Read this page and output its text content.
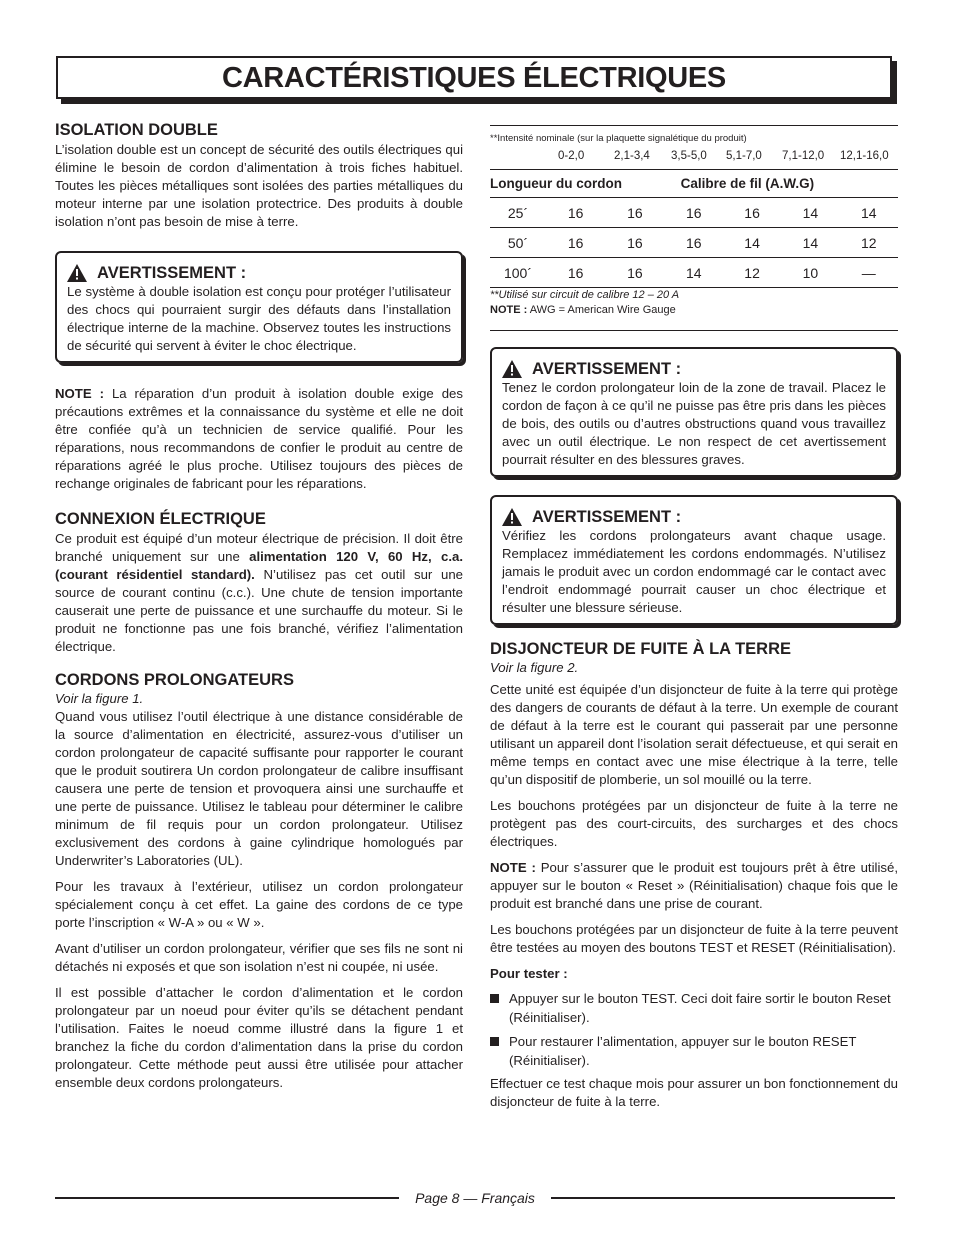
CARACTÉRISTIQUES ÉLECTRIQUES
ISOLATION DOUBLE

L’isolation double est un concept de sécurité des outils électriques qui élimine le besoin de cordon d’alimentation à trois fiches habituel. Toutes les pièces métalliques sont isolées des parties métalliques du moteur interne par une isolation protectrice. Des produits à double isolation n’ont pas besoin de mise à terre.

AVERTISSEMENT :

Le système à double isolation est conçu pour protéger l’utilisateur des chocs qui pourraient surgir des défauts dans l’installation électrique interne de la machine. Observez toutes les instructions de sécurité qui servent à éviter le choc électrique.

NOTE : La réparation d’un produit à isolation double exige des précautions extrêmes et la connaissance du système et elle ne doit être confiée qu’à un technicien de service qualifié. Pour les réparations, nous recommandons de confier le produit au centre de réparations agréé le plus proche. Utilisez toujours des pièces de rechange originales de fabricant pour les réparations.

CONNEXION ÉLECTRIQUE

Ce produit est équipé d’un moteur électrique de précision. Il doit être branché uniquement sur une alimentation 120 V, 60 Hz, c.a. (courant résidentiel standard). N’utilisez pas cet outil sur une source de courant continu (c.c.). Une chute de tension importante causerait une perte de puissance et une surchauffe du moteur. Si le produit ne fonctionne pas une fois branché, vérifiez l’alimentation électrique.

CORDONS PROLONGATEURS
Voir la figure 1.

Quand vous utilisez l’outil électrique à une distance considérable de la source d’alimentation en électricité, assurez-vous d’utiliser un cordon prolongateur de capacité suffisante pour rapporter le courant que le produit soutirera Un cordon prolongateur de calibre insuffisant causera une perte de tension et provoquera ainsi une surchauffe et une perte de puissance. Utilisez le tableau pour déterminer le calibre minimum de fil requis pour un cordon prolongateur. Utilisez exclusivement des cordons à gaine cylindrique homologués par Underwriter’s Laboratories (UL).

Pour les travaux à l’extérieur, utilisez un cordon prolongateur spécialement conçu à cet effet. La gaine des cordons de ce type porte l’inscription « W-A » ou « W ».

Avant d’utiliser un cordon prolongateur, vérifier que ses fils ne sont ni détachés ni exposés et que son isolation n’est ni coupée, ni usée.

Il est possible d’attacher le cordon d’alimentation et le cordon prolongateur par un noeud pour éviter qu’ils se détachent pendant l’utilisation. Faites le noeud comme illustré dans la figure 1 et branchez la fiche du cordon d’alimentation dans la prise du cordon prolongateur. Cette méthode peut aussi être utilisée pour attacher ensemble deux cordons prolongateurs.

**Intensité nominale (sur la plaquette signalétique du produit)
0-2,0	2,1-3,4	3,5-5,0	5,1-7,0	7,1-12,0	12,1-16,0
Longueur du cordon			Calibre de fil (A.W.G)			
25´	16	16	16	16	14	14
50´	16	16	16	14	14	12
100´	16	16	14	12	10	—
**Utilisé sur circuit de calibre 12 – 20 A
NOTE : AWG = American Wire Gauge
AVERTISSEMENT :

Tenez le cordon prolongateur loin de la zone de travail. Placez le cordon de façon à ce qu’il ne puisse pas être pris dans les pièces de bois, des outils ou d’autres obstructions quand vous travaillez avec un outil électrique. Le non respect de cet avertissement pourrait résulter en des blessures graves.

AVERTISSEMENT :

Vérifiez les cordons prolongateurs avant chaque usage. Remplacez immédiatement les cordons endommagés. N’utilisez jamais le produit avec un cordon endommagé car le contact avec l’endroit endommagé pourrait causer un choc électrique et résulter une blessure sérieuse.

DISJONCTEUR DE FUITE À LA TERRE
Voir la figure 2.

Cette unité est équipée d’un disjoncteur de fuite à la terre qui protège des dangers de courants de défaut à la terre. Un exemple de courant de défaut à la terre est le courant qui passerait par une personne utilisant un appareil dont l’isolation serait défectueuse, et qui serait en même temps en contact avec une mise électrique à la terre, telle qu’un dispositif de plomberie, un sol mouillé ou la terre.

Les bouchons protégées par un disjoncteur de fuite à la terre ne protègent pas des court-circuits, des surcharges et des chocs électriques.

NOTE : Pour s’assurer que le produit est toujours prêt à être utilisé, appuyer sur le bouton « Reset » (Réinitialisation) chaque fois que le produit est branché dans une prise de courant.

Les bouchons protégées par un disjoncteur de fuite à la terre peuvent être testées au moyen des boutons TEST et RESET (Réinitialisation).

Pour tester :

Appuyer sur le bouton TEST. Ceci doit faire sortir le bouton Reset (Réinitialiser).
Pour restaurer l’alimentation, appuyer sur le bouton RESET (Réinitialiser).

Effectuer ce test chaque mois pour assurer un bon fonctionnement du disjoncteur de fuite à la terre.

Page 8 — Français
